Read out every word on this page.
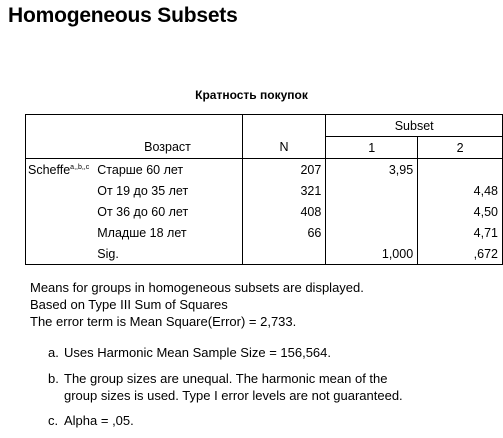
Homogeneous Subsets
Кратность покупок
			Subset	
	Возраст	N	1	2
Scheffe$^{a,,b,,c}$	Старше 60 лет	207	3,95	
	От 19 до 35 лет	321		4,48
	От 36 до 60 лет	408		4,50
	Младше 18 лет	66		4,71
	Sig.		1,000	,672
Means for groups in homogeneous subsets are displayed.
Based on Type III Sum of Squares
The error term is Mean Square(Error) = 2,733.
a. Uses Harmonic Mean Sample Size = 156,564.
b. The group sizes are unequal. The harmonic mean of the
group sizes is used. Type I error levels are not guaranteed.
c. Alpha = ,05.
